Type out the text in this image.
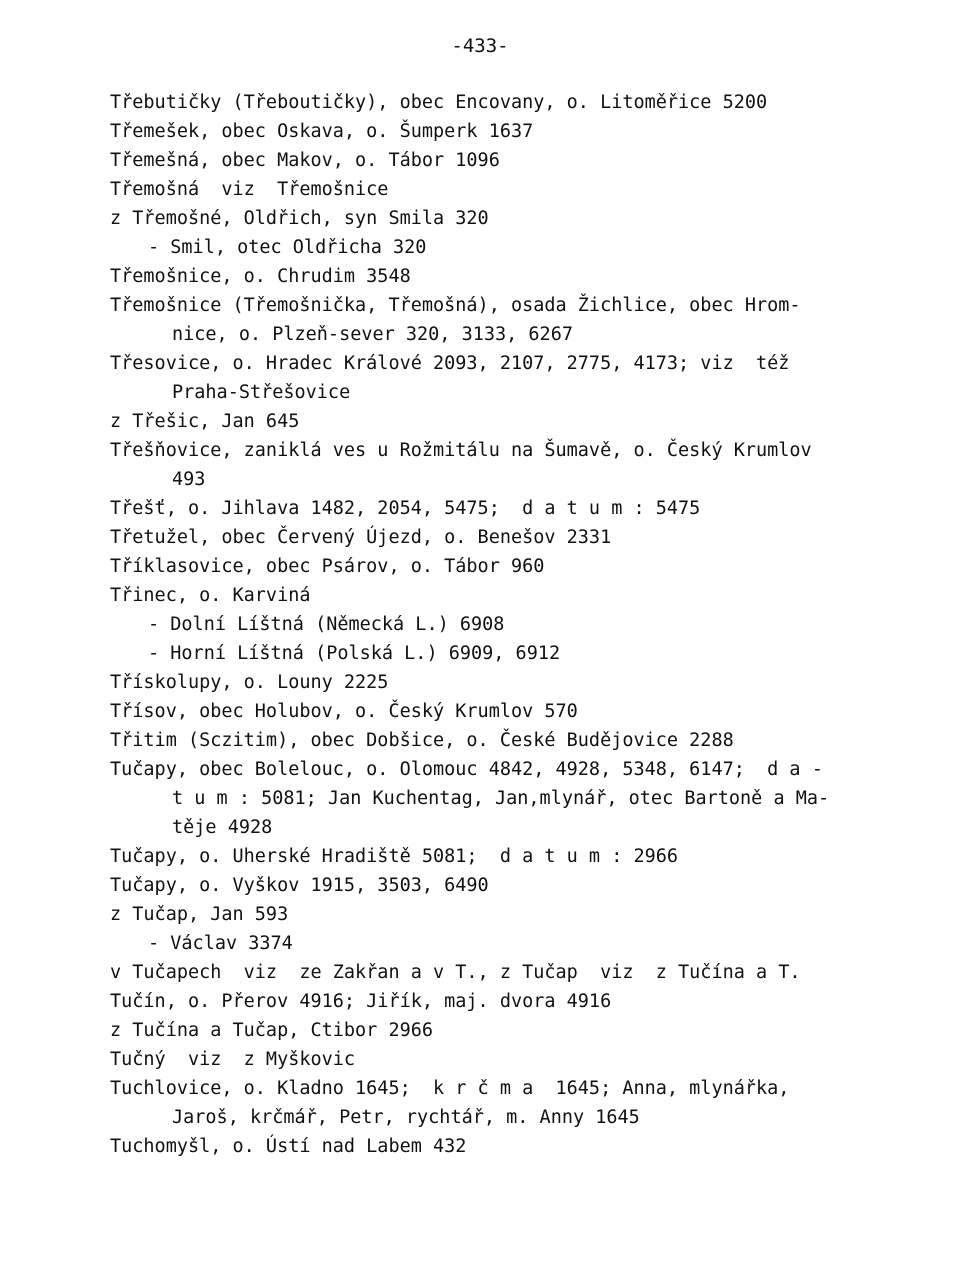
-433-
Třebutičky (Třeboutičky), obec Encovany, o. Litoměřice 5200
Třemešek, obec Oskava, o. Šumperk 1637
Třemešná, obec Makov, o. Tábor 1096
Třemošná  viz  Třemošnice
z Třemošné, Oldřich, syn Smila 320
- Smil, otec Oldřicha 320
Třemošnice, o. Chrudim 3548
Třemošnice (Třemošnička, Třemošná), osada Žichlice, obec Hrom-
nice, o. Plzeň-sever 320, 3133, 6267
Třesovice, o. Hradec Králové 2093, 2107, 2775, 4173; viz  též
Praha-Střešovice
z Třešic, Jan 645
Třešňovice, zaniklá ves u Rožmitálu na Šumavě, o. Český Krumlov
493
Třešť, o. Jihlava 1482, 2054, 5475;  d a t u m : 5475
Třetužel, obec Červený Újezd, o. Benešov 2331
Tříklasovice, obec Psárov, o. Tábor 960
Třinec, o. Karviná
- Dolní Líštná (Německá L.) 6908
- Horní Líštná (Polská L.) 6909, 6912
Třískolupy, o. Louny 2225
Třísov, obec Holubov, o. Český Krumlov 570
Třitim (Sczitim), obec Dobšice, o. České Budějovice 2288
Tučapy, obec Bolelouc, o. Olomouc 4842, 4928, 5348, 6147;  d a -
t u m : 5081; Jan Kuchentag, Jan,mlynář, otec Bartoně a Ma-
těje 4928
Tučapy, o. Uherské Hradiště 5081;  d a t u m : 2966
Tučapy, o. Vyškov 1915, 3503, 6490
z Tučap, Jan 593
- Václav 3374
v Tučapech  viz  ze Zakřan a v T., z Tučap  viz  z Tučína a T.
Tučín, o. Přerov 4916; Jiřík, maj. dvora 4916
z Tučína a Tučap, Ctibor 2966
Tučný  viz  z Myškovic
Tuchlovice, o. Kladno 1645;  k r č m a  1645; Anna, mlynářka,
Jaroš, krčmář, Petr, rychtář, m. Anny 1645
Tuchomyšl, o. Ústí nad Labem 432
